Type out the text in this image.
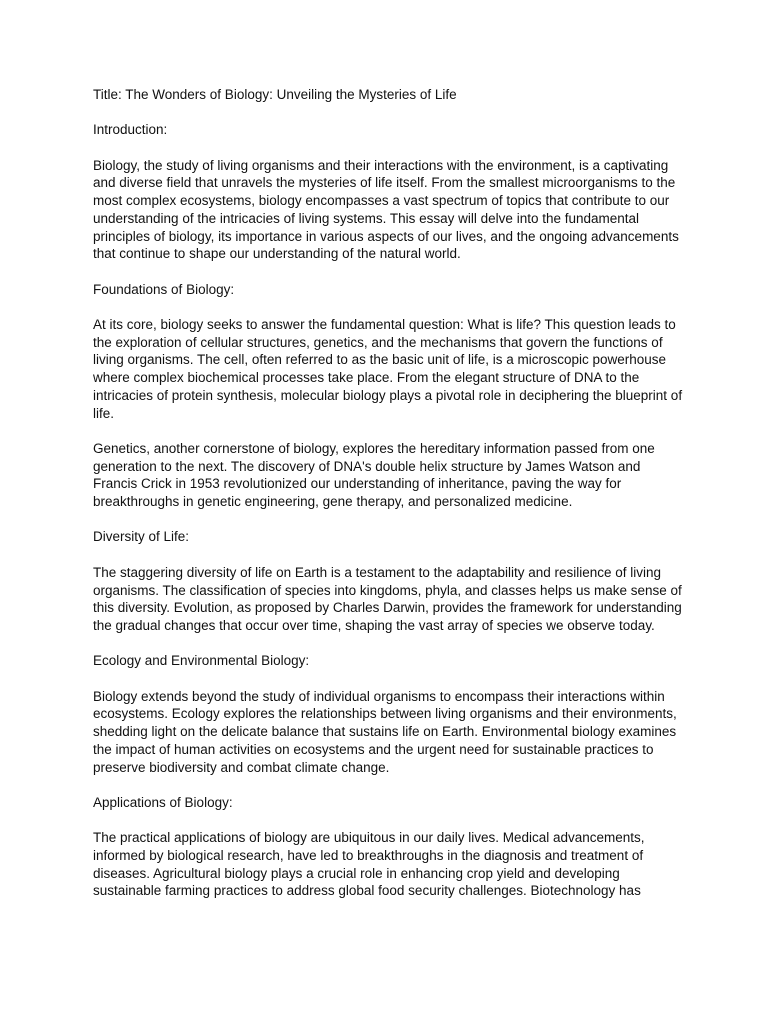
Title: The Wonders of Biology: Unveiling the Mysteries of Life

Introduction:

Biology, the study of living organisms and their interactions with the environment, is a captivating and diverse field that unravels the mysteries of life itself. From the smallest microorganisms to the most complex ecosystems, biology encompasses a vast spectrum of topics that contribute to our understanding of the intricacies of living systems. This essay will delve into the fundamental principles of biology, its importance in various aspects of our lives, and the ongoing advancements that continue to shape our understanding of the natural world.

Foundations of Biology:

At its core, biology seeks to answer the fundamental question: What is life? This question leads to the exploration of cellular structures, genetics, and the mechanisms that govern the functions of living organisms. The cell, often referred to as the basic unit of life, is a microscopic powerhouse where complex biochemical processes take place. From the elegant structure of DNA to the intricacies of protein synthesis, molecular biology plays a pivotal role in deciphering the blueprint of life.

Genetics, another cornerstone of biology, explores the hereditary information passed from one generation to the next. The discovery of DNA's double helix structure by James Watson and Francis Crick in 1953 revolutionized our understanding of inheritance, paving the way for breakthroughs in genetic engineering, gene therapy, and personalized medicine.

Diversity of Life:

The staggering diversity of life on Earth is a testament to the adaptability and resilience of living organisms. The classification of species into kingdoms, phyla, and classes helps us make sense of this diversity. Evolution, as proposed by Charles Darwin, provides the framework for understanding the gradual changes that occur over time, shaping the vast array of species we observe today.

Ecology and Environmental Biology:

Biology extends beyond the study of individual organisms to encompass their interactions within ecosystems. Ecology explores the relationships between living organisms and their environments, shedding light on the delicate balance that sustains life on Earth. Environmental biology examines the impact of human activities on ecosystems and the urgent need for sustainable practices to preserve biodiversity and combat climate change.

Applications of Biology:

The practical applications of biology are ubiquitous in our daily lives. Medical advancements, informed by biological research, have led to breakthroughs in the diagnosis and treatment of diseases. Agricultural biology plays a crucial role in enhancing crop yield and developing sustainable farming practices to address global food security challenges. Biotechnology has
